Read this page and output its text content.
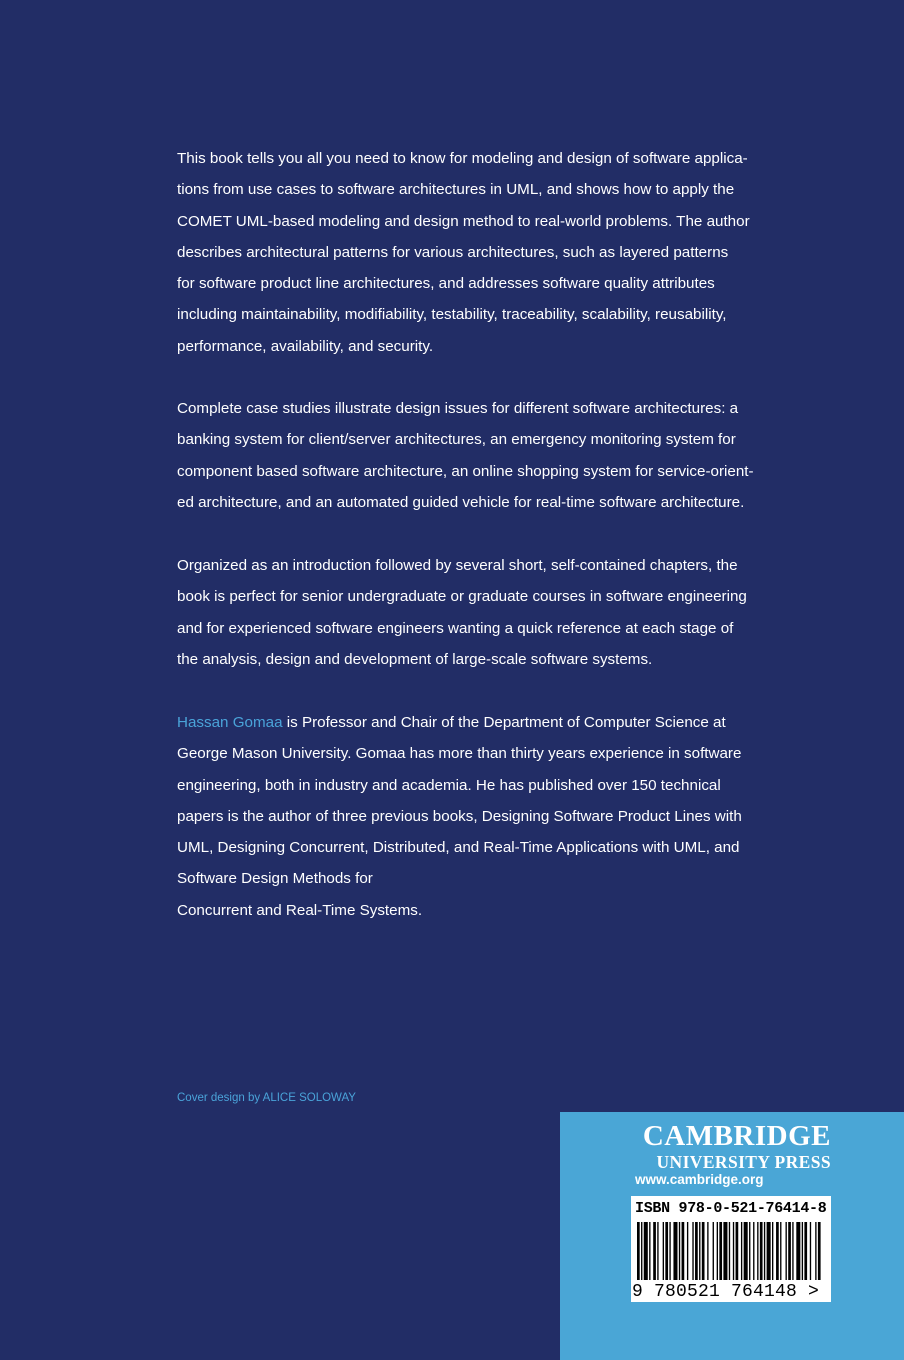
This book tells you all you need to know for modeling and design of software applica-
tions from use cases to software architectures in UML, and shows how to apply the
COMET UML-based modeling and design method to real-world problems. The author
describes architectural patterns for various architectures, such as layered patterns
for software product line architectures, and addresses software quality attributes
including maintainability, modifiability, testability, traceability, scalability, reusability,
performance, availability, and security.

Complete case studies illustrate design issues for different software architectures: a
banking system for client/server architectures, an emergency monitoring system for
component based software architecture, an online shopping system for service-orient-
ed architecture, and an automated guided vehicle for real-time software architecture.

Organized as an introduction followed by several short, self-contained chapters, the
book is perfect for senior undergraduate or graduate courses in software engineering
and for experienced software engineers wanting a quick reference at each stage of
the analysis, design and development of large-scale software systems.

Hassan Gomaa is Professor and Chair of the Department of Computer Science at
George Mason University. Gomaa has more than thirty years experience in software
engineering, both in industry and academia. He has published over 150 technical
papers is the author of three previous books, Designing Software Product Lines with
UML, Designing Concurrent, Distributed, and Real-Time Applications with UML, and
Software Design Methods for
Concurrent and Real-Time Systems.

Cover design by ALICE SOLOWAY
CAMBRIDGE
UNIVERSITY PRESS
www.cambridge.org
ISBN 978-0-521-76414-8
9 780521 764148 >
